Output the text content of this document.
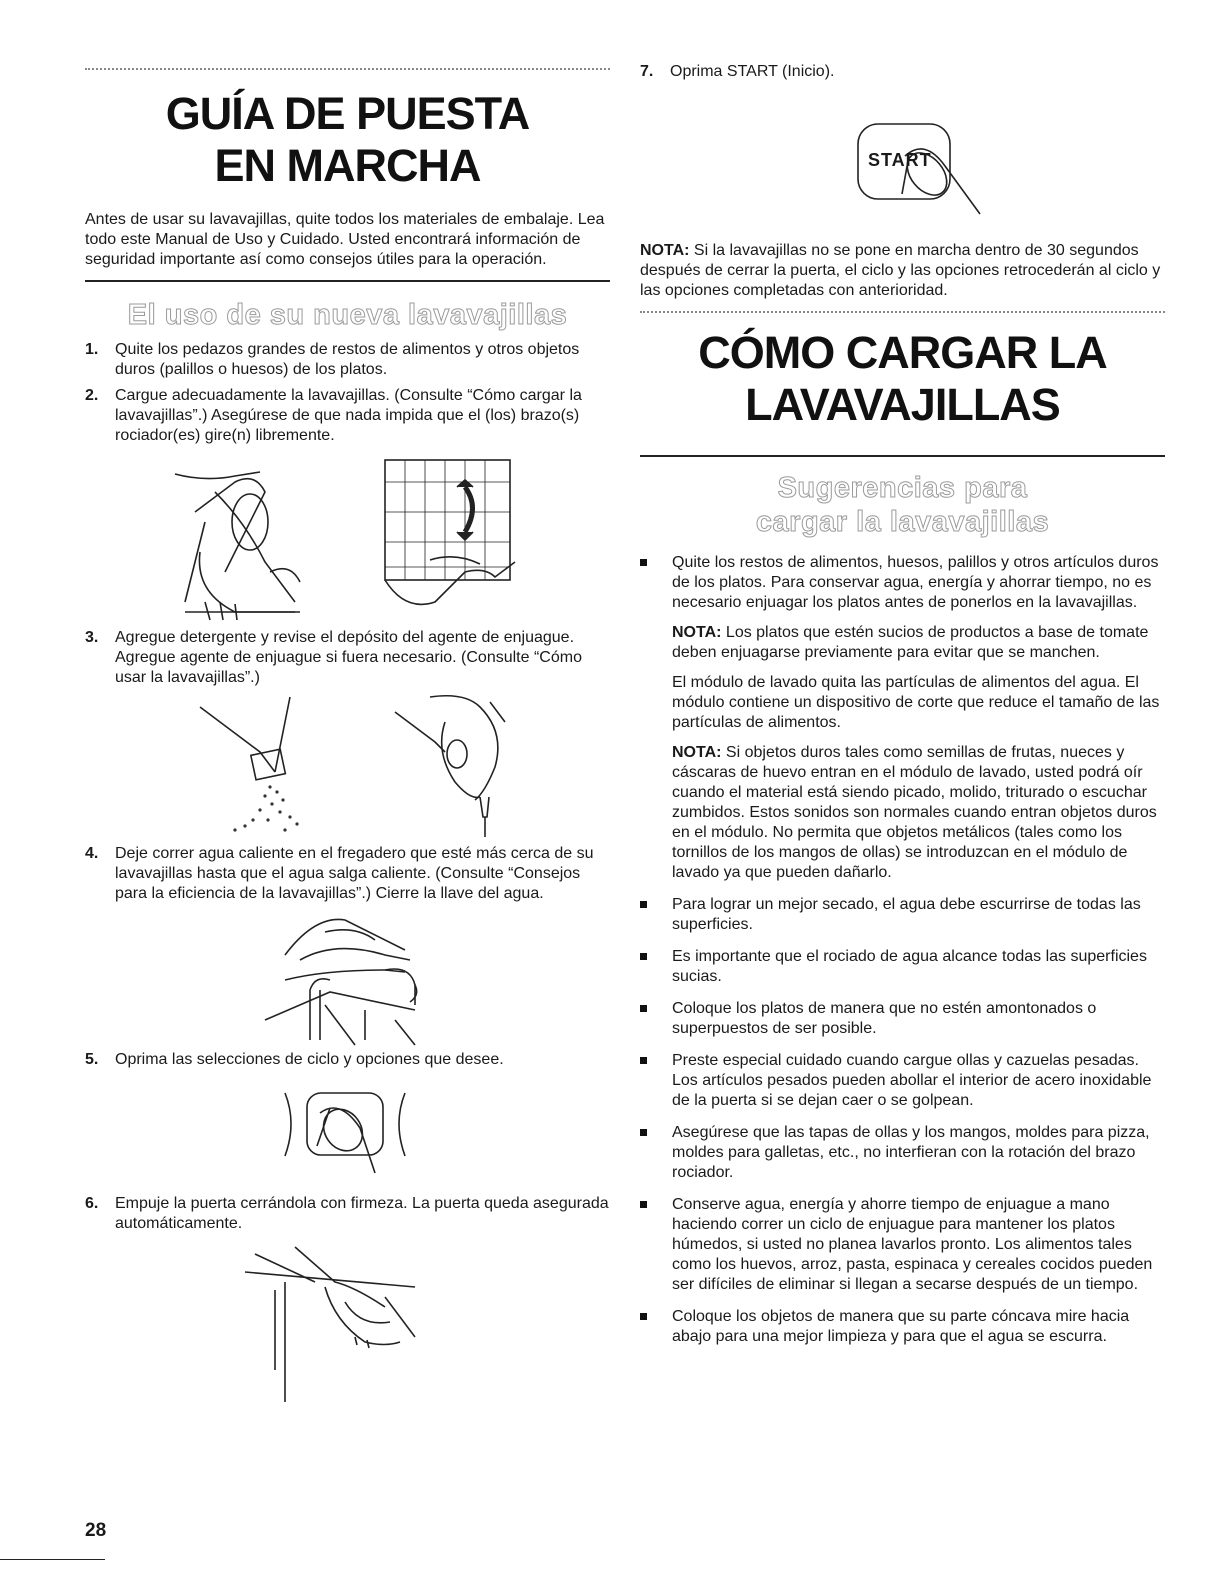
GUÍA DE PUESTA
EN MARCHA

Antes de usar su lavavajillas, quite todos los materiales de embalaje. Lea todo este Manual de Uso y Cuidado. Usted encontrará información de seguridad importante así como consejos útiles para la operación.

El uso de su nueva lavavajillas
1.	Quite los pedazos grandes de restos de alimentos y otros objetos duros (palillos o huesos) de los platos.
2.	Cargue adecuadamente la lavavajillas. (Consulte “Cómo cargar la lavavajillas”.) Asegúrese de que nada impida que el (los) brazo(s) rociador(es) gire(n) libremente.
3.	Agregue detergente y revise el depósito del agente de enjuague. Agregue agente de enjuague si fuera necesario. (Consulte “Cómo usar la lavavajillas”.)
4.	Deje correr agua caliente en el fregadero que esté más cerca de su lavavajillas hasta que el agua salga caliente. (Consulte “Consejos para la eficiencia de la lavavajillas”.) Cierre la llave del agua.
5.	Oprima las selecciones de ciclo y opciones que desee.
6.	Empuje la puerta cerrándola con firmeza. La puerta queda asegurada automáticamente.
7.	Oprima START (Inicio).
START

NOTA: Si la lavavajillas no se pone en marcha dentro de 30 segundos después de cerrar la puerta, el ciclo y las opciones retrocederán al ciclo y las opciones completadas con anterioridad.

CÓMO CARGAR LA
LAVAVAJILLAS
Sugerencias para
cargar la lavavajillas

Quite los restos de alimentos, huesos, palillos y otros artículos duros de los platos. Para conservar agua, energía y ahorrar tiempo, no es necesario enjuagar los platos antes de ponerlos en la lavavajillas.

NOTA: Los platos que estén sucios de productos a base de tomate deben enjuagarse previamente para evitar que se manchen.

El módulo de lavado quita las partículas de alimentos del agua. El módulo contiene un dispositivo de corte que reduce el tamaño de las partículas de alimentos.

NOTA: Si objetos duros tales como semillas de frutas, nueces y cáscaras de huevo entran en el módulo de lavado, usted podrá oír cuando el material está siendo picado, molido, triturado o escuchar zumbidos. Estos sonidos son normales cuando entran objetos duros en el módulo. No permita que objetos metálicos (tales como los tornillos de los mangos de ollas) se introduzcan en el módulo de lavado ya que pueden dañarlo.

Para lograr un mejor secado, el agua debe escurrirse de todas las superficies.

Es importante que el rociado de agua alcance todas las superficies sucias.

Coloque los platos de manera que no estén amontonados o superpuestos de ser posible.

Preste especial cuidado cuando cargue ollas y cazuelas pesadas. Los artículos pesados pueden abollar el interior de acero inoxidable de la puerta si se dejan caer o se golpean.

Asegúrese que las tapas de ollas y los mangos, moldes para pizza, moldes para galletas, etc., no interfieran con la rotación del brazo rociador.

Conserve agua, energía y ahorre tiempo de enjuague a mano haciendo correr un ciclo de enjuague para mantener los platos húmedos, si usted no planea lavarlos pronto. Los alimentos tales como los huevos, arroz, pasta, espinaca y cereales cocidos pueden ser difíciles de eliminar si llegan a secarse después de un tiempo.

Coloque los objetos de manera que su parte cóncava mire hacia abajo para una mejor limpieza y para que el agua se escurra.

28
